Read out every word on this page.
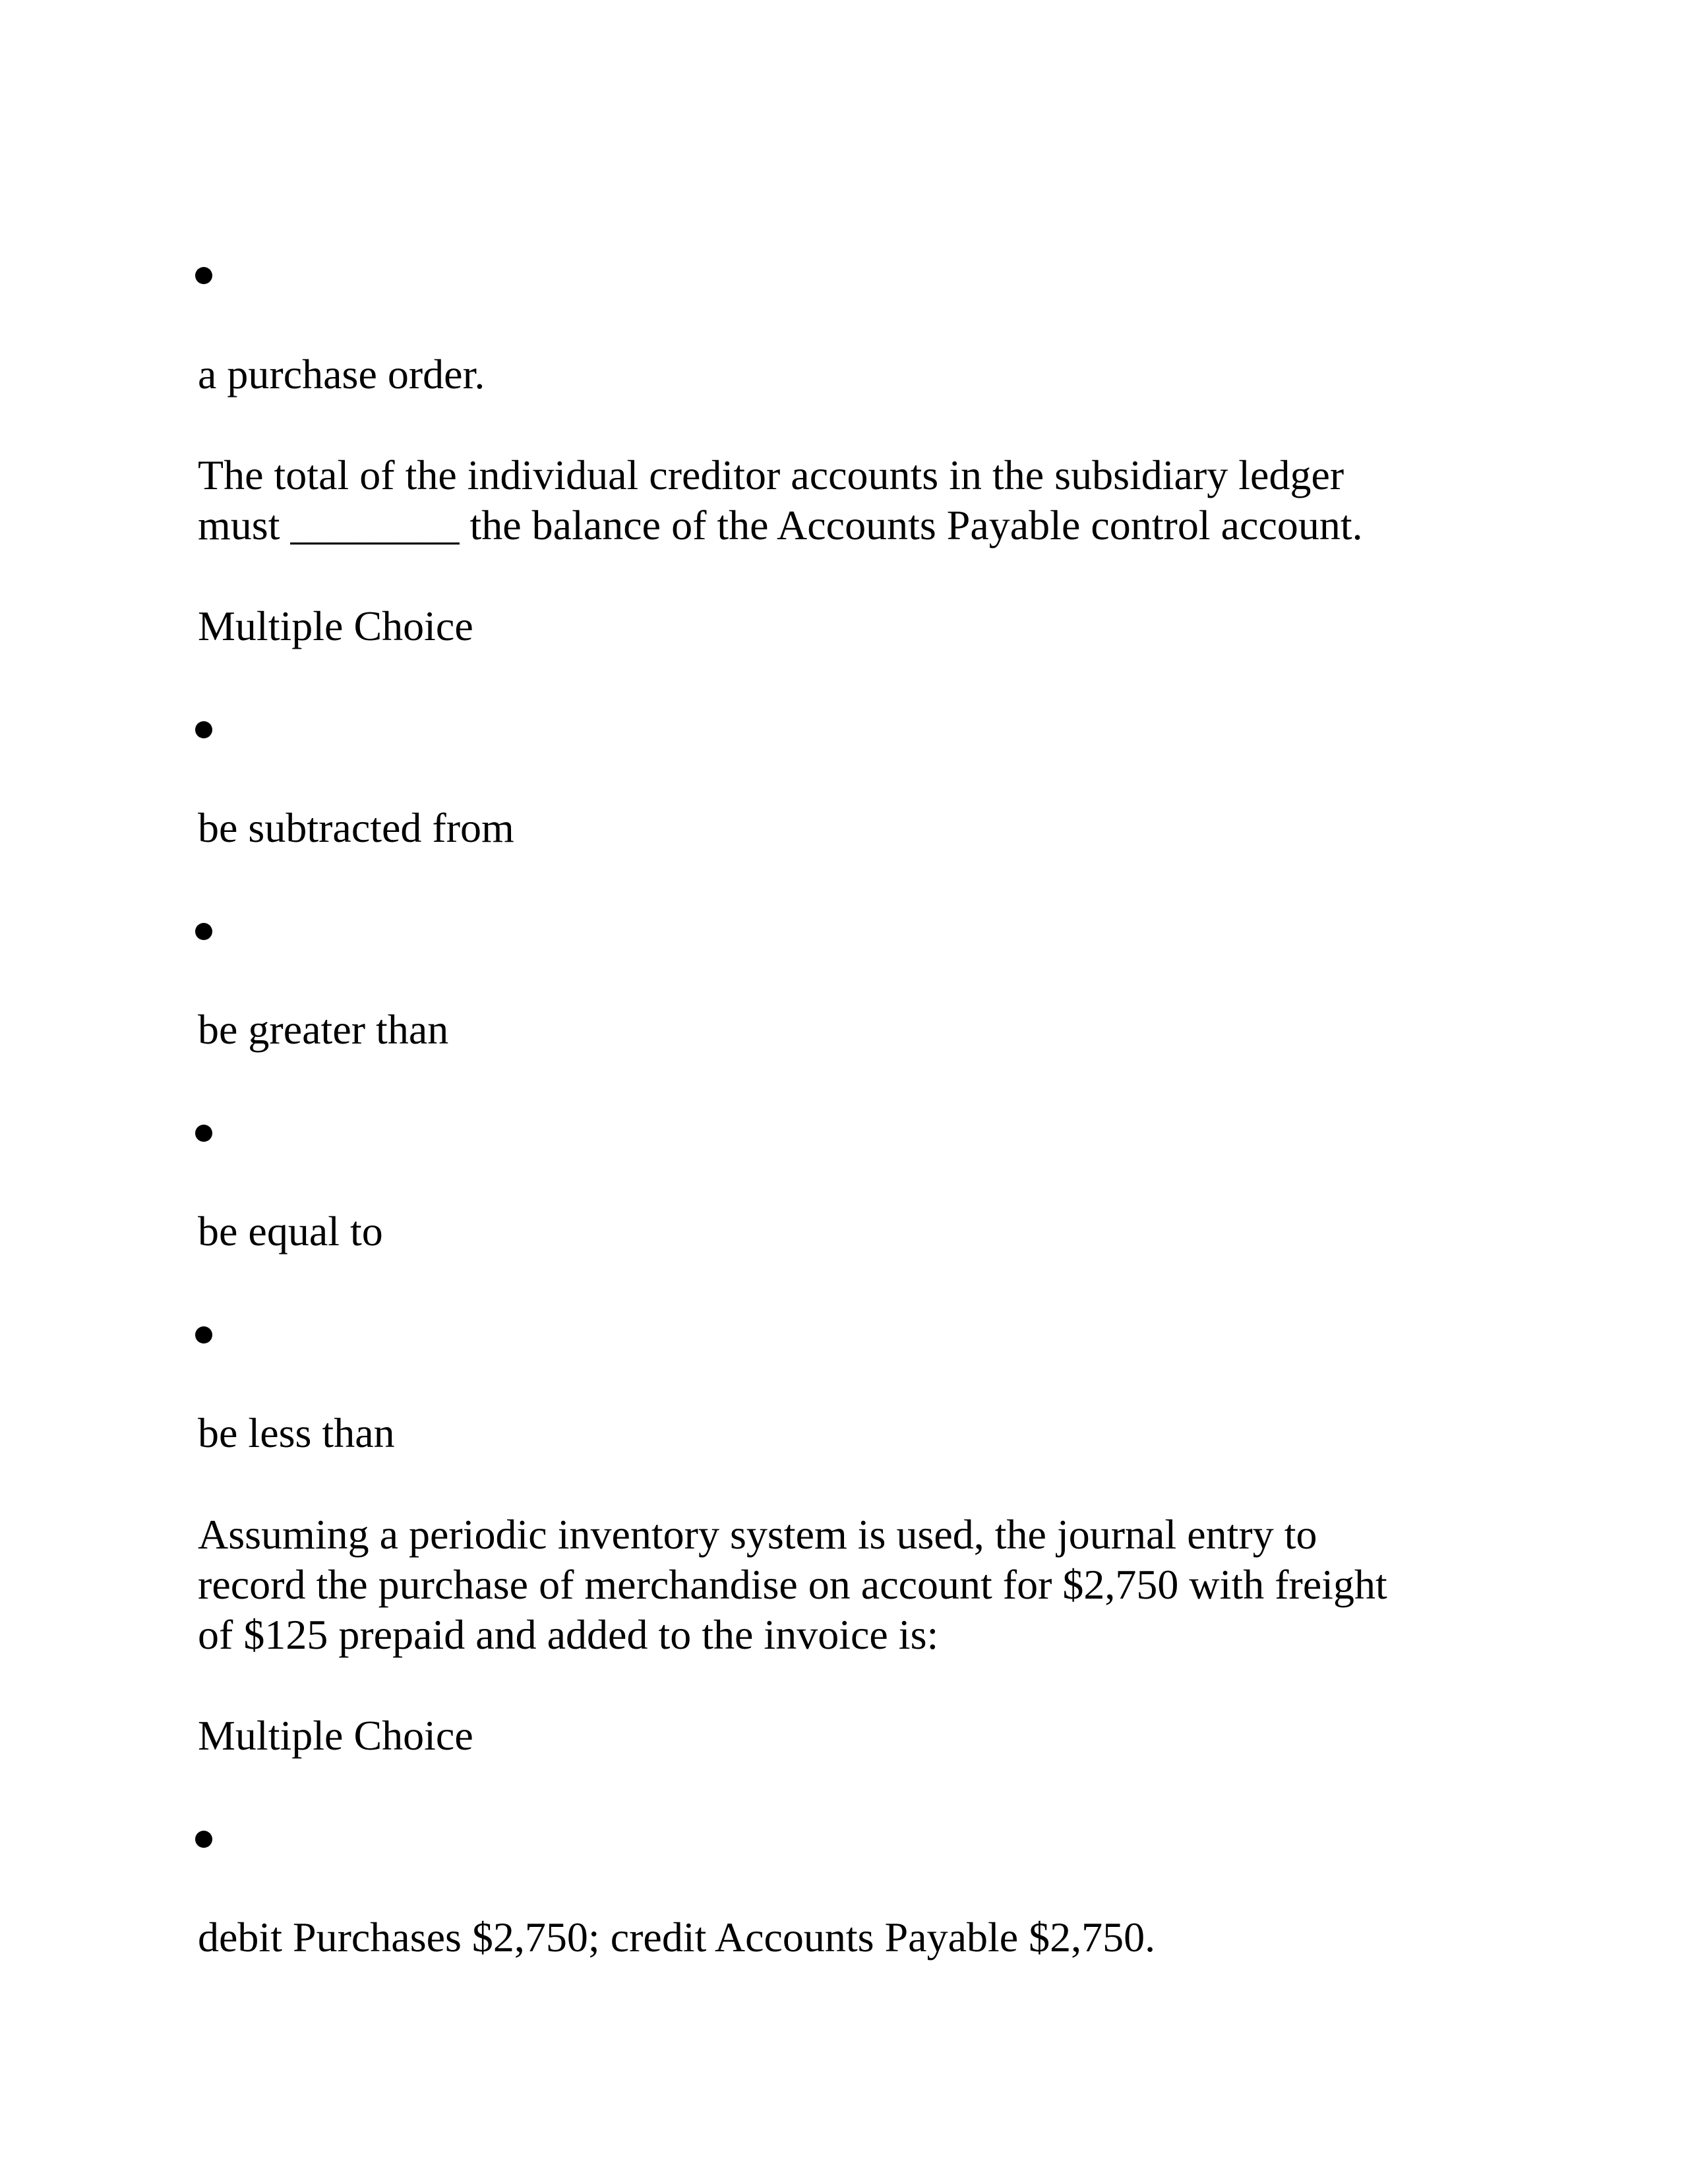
a purchase order.

The total of the individual creditor accounts in the subsidiary ledger
must ________ the balance of the Accounts Payable control account.

Multiple Choice

be subtracted from

be greater than

be equal to

be less than

Assuming a periodic inventory system is used, the journal entry to
record the purchase of merchandise on account for $2,750 with freight
of $125 prepaid and added to the invoice is:

Multiple Choice

debit Purchases $2,750; credit Accounts Payable $2,750.
